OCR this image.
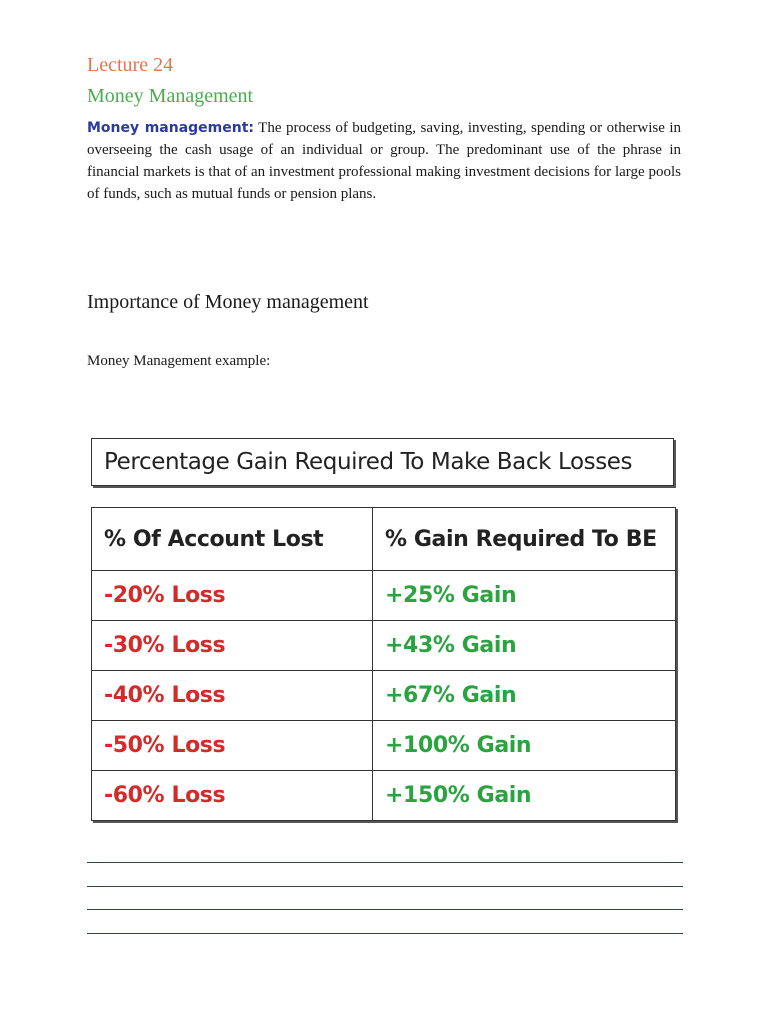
Lecture 24
Money Management

Money management: The process of budgeting, saving, investing, spending or otherwise in overseeing the cash usage of an individual or group. The predominant use of the phrase in financial markets is that of an investment professional making investment decisions for large pools of funds, such as mutual funds or pension plans.

Importance of Money management
Money Management example:
Percentage Gain Required To Make Back Losses
% Of Account Lost	% Gain Required To BE
-20% Loss	+25% Gain
-30% Loss	+43% Gain
-40% Loss	+67% Gain
-50% Loss	+100% Gain
-60% Loss	+150% Gain
